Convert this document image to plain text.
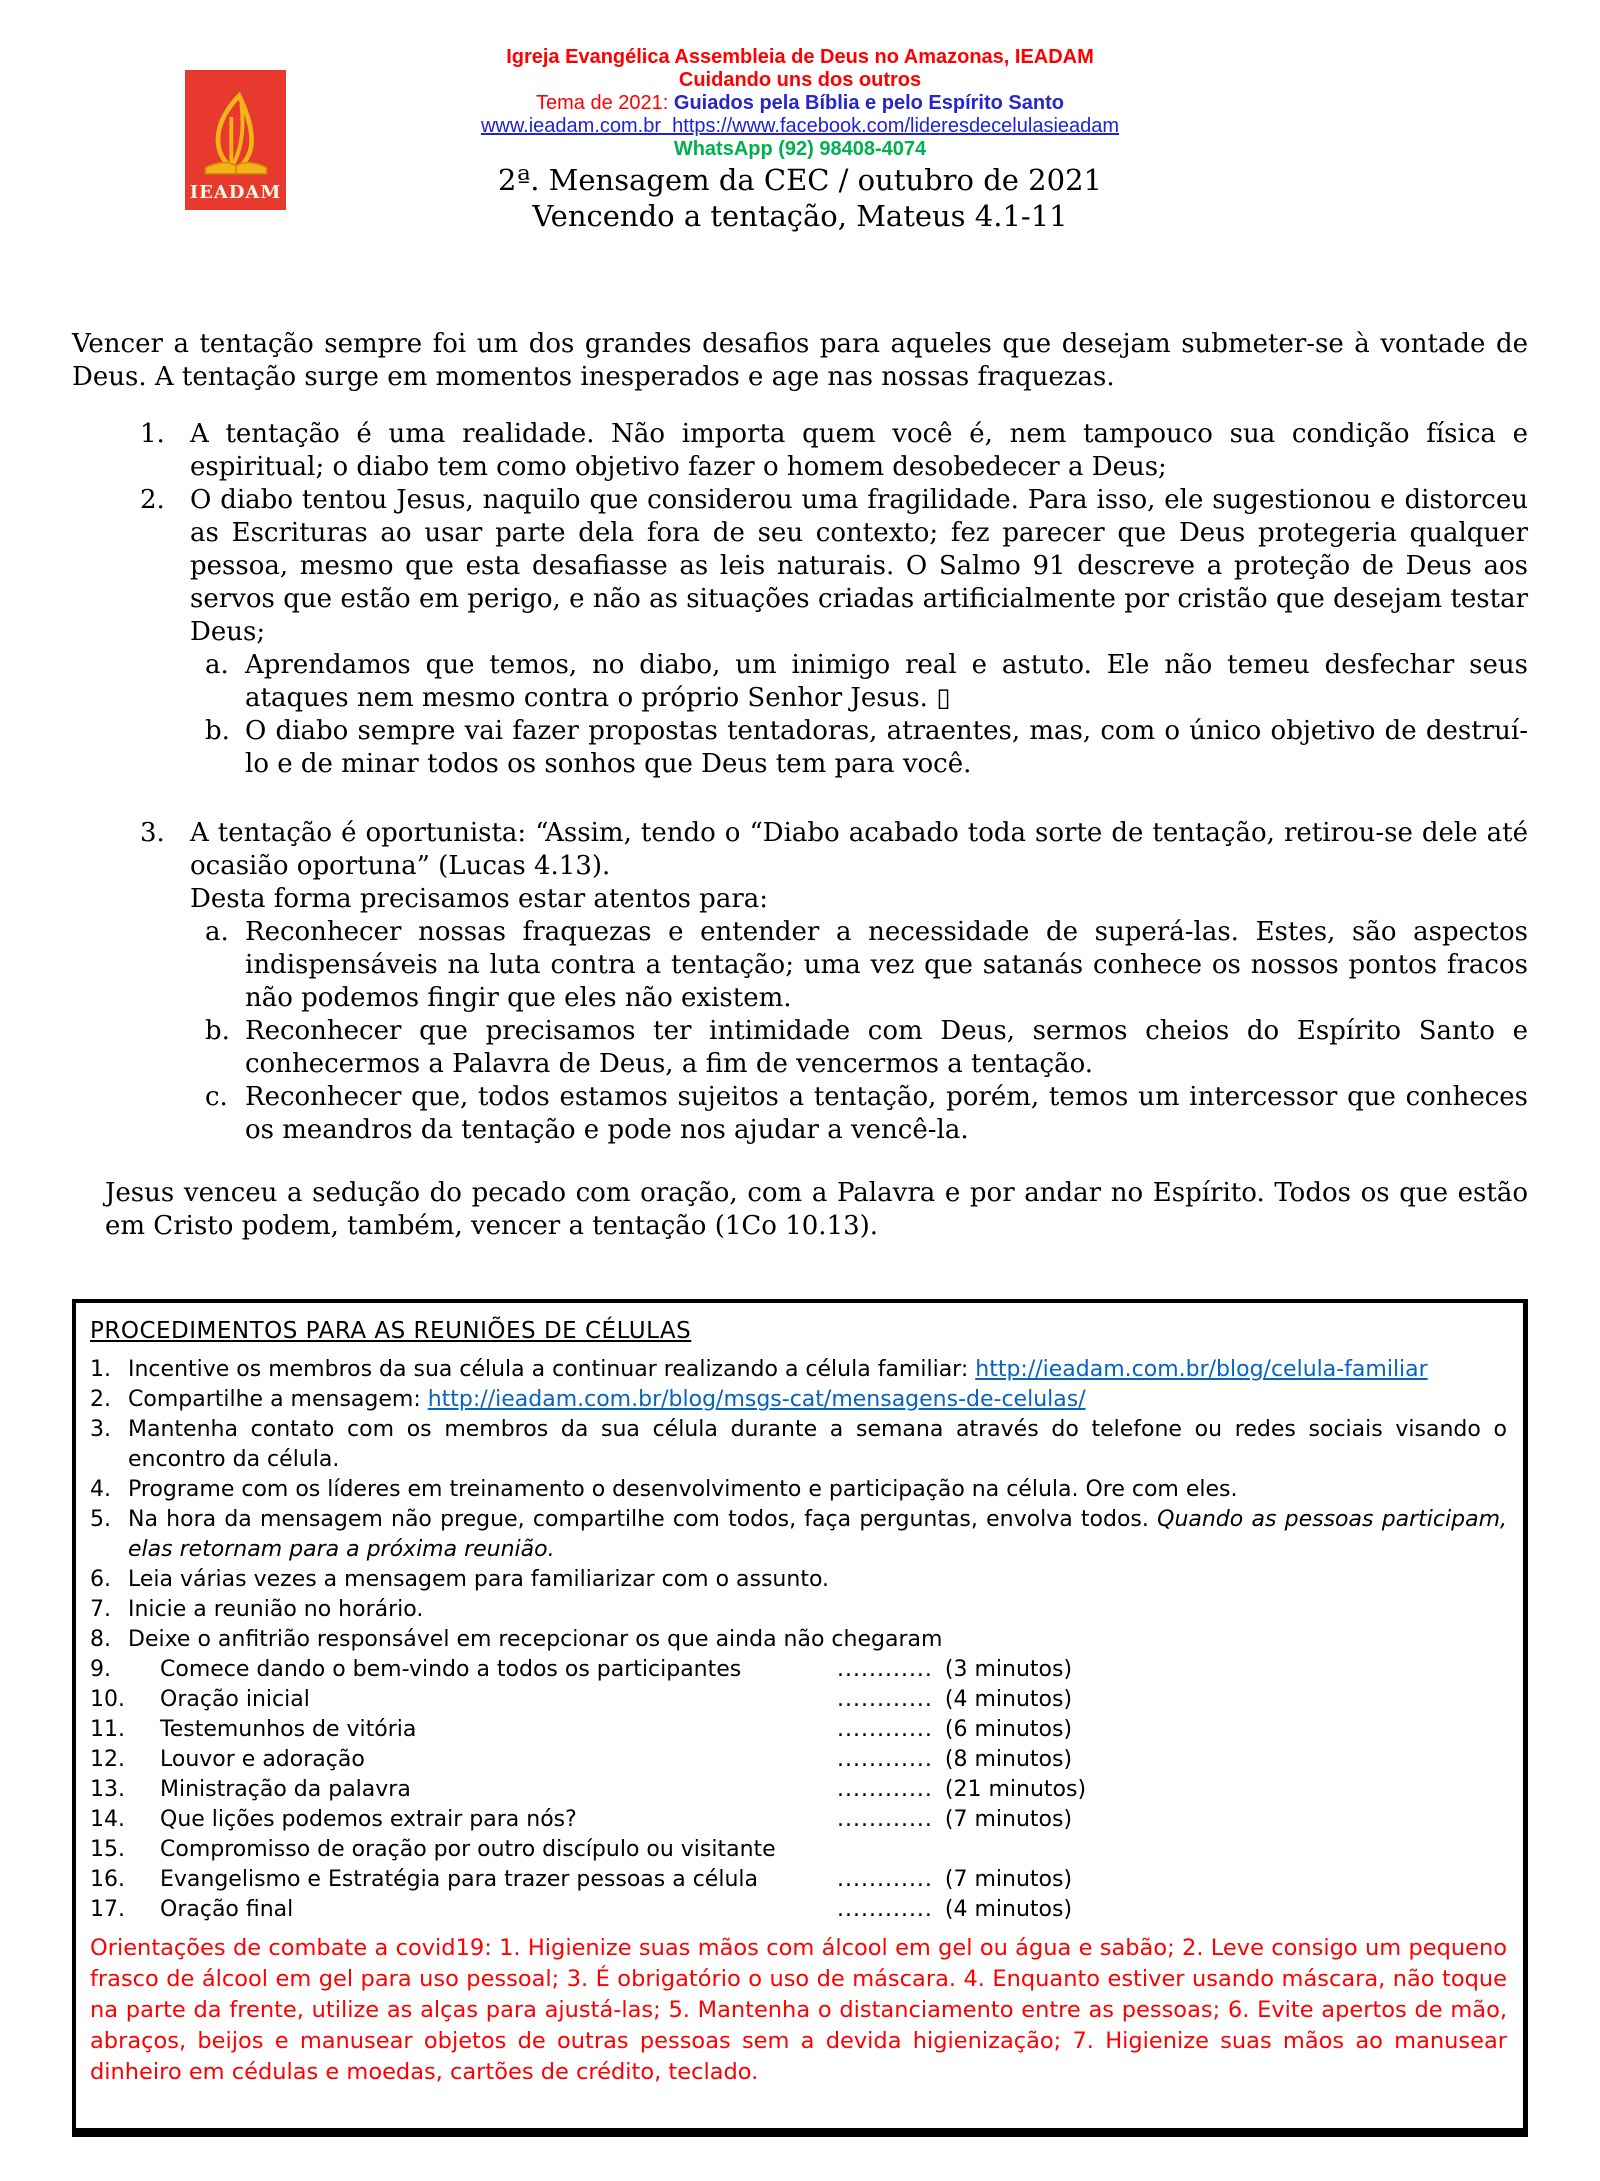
IEADAM
Igreja Evangélica Assembleia de Deus no Amazonas, IEADAM
Cuidando uns dos outros
Tema de 2021: Guiados pela Bíblia e pelo Espírito Santo
www.ieadam.com.br https://www.facebook.com/lideresdecelulasieadam
WhatsApp (92) 98408-4074
2ª. Mensagem da CEC / outubro de 2021
Vencendo a tentação, Mateus 4.1-11

Vencer a tentação sempre foi um dos grandes desafios para aqueles que desejam submeter-se à vontade de Deus. A tentação surge em momentos inesperados e age nas nossas fraquezas.

1. A tentação é uma realidade. Não importa quem você é, nem tampouco sua condição física e espiritual; o diabo tem como objetivo fazer o homem desobedecer a Deus;
2. O diabo tentou Jesus, naquilo que considerou uma fragilidade. Para isso, ele sugestionou e distorceu as Escrituras ao usar parte dela fora de seu contexto; fez parecer que Deus protegeria qualquer pessoa, mesmo que esta desafiasse as leis naturais. O Salmo 91 descreve a proteção de Deus aos servos que estão em perigo, e não as situações criadas artificialmente por cristão que desejam testar Deus;
a. Aprendamos que temos, no diabo, um inimigo real e astuto. Ele não temeu desfechar seus ataques nem mesmo contra o próprio Senhor Jesus. ▯
b. O diabo sempre vai fazer propostas tentadoras, atraentes, mas, com o único objetivo de destruí-lo e de minar todos os sonhos que Deus tem para você.
3. A tentação é oportunista: “Assim, tendo o “Diabo acabado toda sorte de tentação, retirou-se dele até ocasião oportuna” (Lucas 4.13).
Desta forma precisamos estar atentos para:
a. Reconhecer nossas fraquezas e entender a necessidade de superá-las. Estes, são aspectos indispensáveis na luta contra a tentação; uma vez que satanás conhece os nossos pontos fracos não podemos fingir que eles não existem.
b. Reconhecer que precisamos ter intimidade com Deus, sermos cheios do Espírito Santo e conhecermos a Palavra de Deus, a fim de vencermos a tentação.
c. Reconhecer que, todos estamos sujeitos a tentação, porém, temos um intercessor que conheces os meandros da tentação e pode nos ajudar a vencê-la.

Jesus venceu a sedução do pecado com oração, com a Palavra e por andar no Espírito. Todos os que estão em Cristo podem, também, vencer a tentação (1Co 10.13).

PROCEDIMENTOS PARA AS REUNIÕES DE CÉLULAS
1. Incentive os membros da sua célula a continuar realizando a célula familiar: http://ieadam.com.br/blog/celula-familiar
2. Compartilhe a mensagem: http://ieadam.com.br/blog/msgs-cat/mensagens-de-celulas/
3. Mantenha contato com os membros da sua célula durante a semana através do telefone ou redes sociais visando o encontro da célula.
4. Programe com os líderes em treinamento o desenvolvimento e participação na célula. Ore com eles.
5. Na hora da mensagem não pregue, compartilhe com todos, faça perguntas, envolva todos. Quando as pessoas participam, elas retornam para a próxima reunião.
6. Leia várias vezes a mensagem para familiarizar com o assunto.
7. Inicie a reunião no horário.
8. Deixe o anfitrião responsável em recepcionar os que ainda não chegaram
9.	Comece dando o bem-vindo a todos os participantes	............ (3 minutos)
10.	Oração inicial	............ (4 minutos)
11.	Testemunhos de vitória	............ (6 minutos)
12.	Louvor e adoração	............ (8 minutos)
13.	Ministração da palavra	............ (21 minutos)
14.	Que lições podemos extrair para nós?	............ (7 minutos)
15.	Compromisso de oração por outro discípulo ou visitante
16.	Evangelismo e Estratégia para trazer pessoas a célula	............ (7 minutos)
17.	Oração final	............ (4 minutos)

Orientações de combate a covid19: 1. Higienize suas mãos com álcool em gel ou água e sabão; 2. Leve consigo um pequeno frasco de álcool em gel para uso pessoal; 3. É obrigatório o uso de máscara. 4. Enquanto estiver usando máscara, não toque na parte da frente, utilize as alças para ajustá-las; 5. Mantenha o distanciamento entre as pessoas; 6. Evite apertos de mão, abraços, beijos e manusear objetos de outras pessoas sem a devida higienização; 7. Higienize suas mãos ao manusear dinheiro em cédulas e moedas, cartões de crédito, teclado.
